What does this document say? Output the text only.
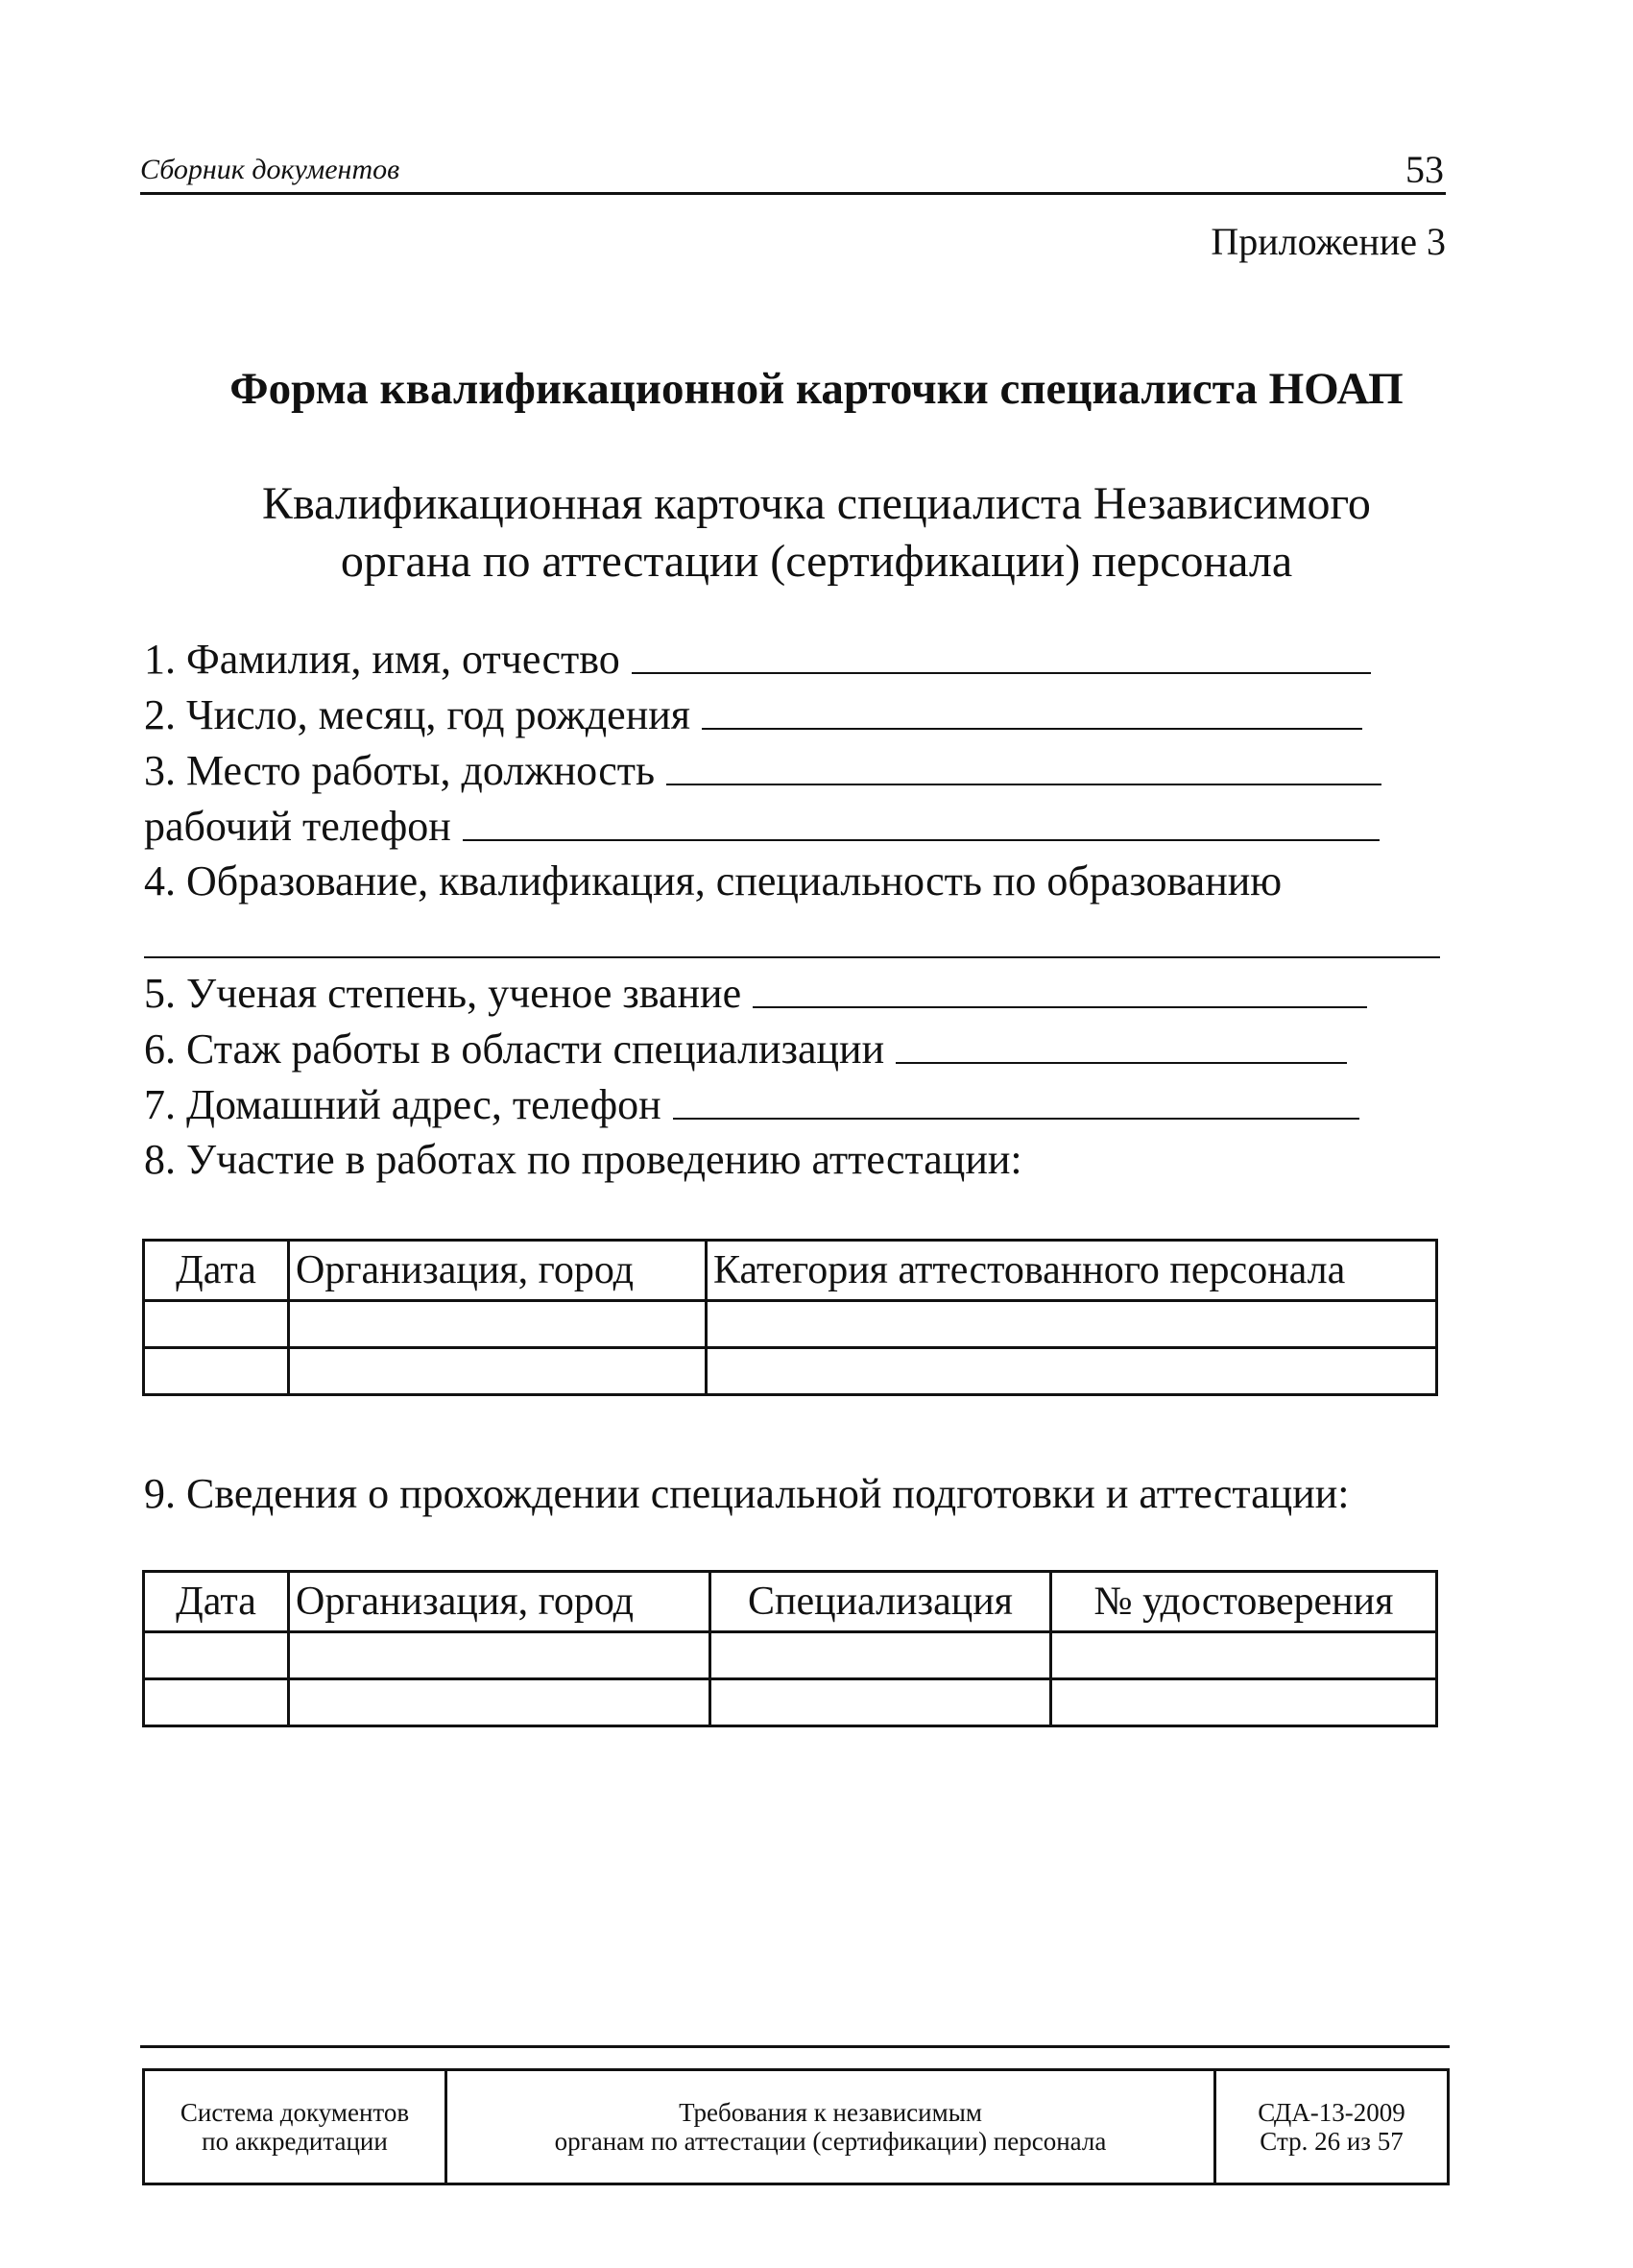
Сборник документов	53
Приложение 3
Форма квалификационной карточки специалиста НОАП
Квалификационная карточка специалиста Независимого
органа по аттестации (сертификации) персонала
1. Фамилия, имя, отчество
2. Число, месяц, год рождения
3. Место работы, должность
рабочий телефон
4. Образование, квалификация, специальность по образованию
5. Ученая степень, ученое звание
6. Стаж работы в области специализации
7. Домашний адрес, телефон
8. Участие в работах по проведению аттестации:
Дата	Организация, город	Категория аттестованного персонала

9. Сведения о прохождении специальной подготовки и аттестации:
Дата	Организация, город	Специализация	№ удостоверения

Система документов
по аккредитации

Требования к независимым
органам по аттестации (сертификации) персонала

СДА-13-2009
Стр. 26 из 57
